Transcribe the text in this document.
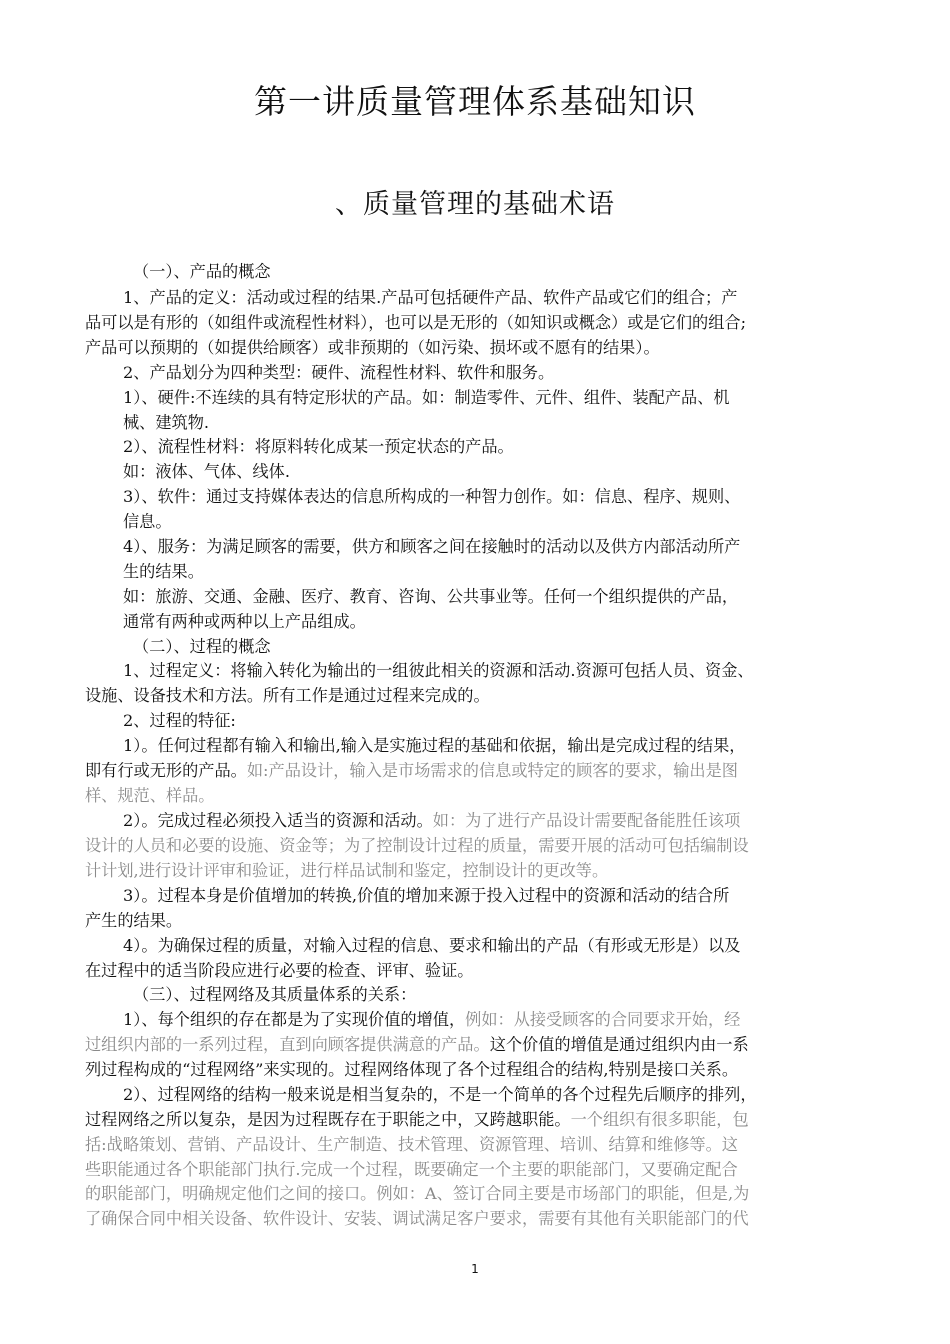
第一讲质量管理体系基础知识
、质量管理的基础术语
（一）、产品的概念
1、产品的定义：活动或过程的结果.产品可包括硬件产品、软件产品或它们的组合；产
品可以是有形的（如组件或流程性材料），也可以是无形的（如知识或概念）或是它们的组合;
产品可以预期的（如提供给顾客）或非预期的（如污染、损坏或不愿有的结果）。
2、产品划分为四种类型：硬件、流程性材料、软件和服务。
1）、硬件:不连续的具有特定形状的产品。如：制造零件、元件、组件、装配产品、机
械、建筑物.
2）、流程性材料：将原料转化成某一预定状态的产品。
如：液体、气体、线体.
3）、软件：通过支持媒体表达的信息所构成的一种智力创作。如：信息、程序、规则、
信息。
4）、服务：为满足顾客的需要，供方和顾客之间在接触时的活动以及供方内部活动所产
生的结果。
如：旅游、交通、金融、医疗、教育、咨询、公共事业等。任何一个组织提供的产品，
通常有两种或两种以上产品组成。
（二）、过程的概念
1、过程定义：将输入转化为输出的一组彼此相关的资源和活动.资源可包括人员、资金、
设施、设备技术和方法。所有工作是通过过程来完成的。
2、过程的特征:
1）。任何过程都有输入和输出,输入是实施过程的基础和依据，输出是完成过程的结果，
即有行或无形的产品。如:产品设计，输入是市场需求的信息或特定的顾客的要求，输出是图
样、规范、样品。
2）。完成过程必须投入适当的资源和活动。如：为了进行产品设计需要配备能胜任该项
设计的人员和必要的设施、资金等；为了控制设计过程的质量，需要开展的活动可包括编制设
计计划,进行设计评审和验证，进行样品试制和鉴定，控制设计的更改等。
3）。过程本身是价值增加的转换,价值的增加来源于投入过程中的资源和活动的结合所
产生的结果。
4）。为确保过程的质量，对输入过程的信息、要求和输出的产品（有形或无形是）以及
在过程中的适当阶段应进行必要的检查、评审、验证。
（三）、过程网络及其质量体系的关系：
1）、每个组织的存在都是为了实现价值的增值，例如：从接受顾客的合同要求开始，经
过组织内部的一系列过程，直到向顾客提供满意的产品。这个价值的增值是通过组织内由一系
列过程构成的“过程网络”来实现的。过程网络体现了各个过程组合的结构,特别是接口关系。
2）、过程网络的结构一般来说是相当复杂的，不是一个简单的各个过程先后顺序的排列，
过程网络之所以复杂，是因为过程既存在于职能之中，又跨越职能。一个组织有很多职能，包
括:战略策划、营销、产品设计、生产制造、技术管理、资源管理、培训、结算和维修等。这
些职能通过各个职能部门执行.完成一个过程，既要确定一个主要的职能部门，又要确定配合
的职能部门，明确规定他们之间的接口。例如：A、签订合同主要是市场部门的职能，但是,为
了确保合同中相关设备、软件设计、安装、调试满足客户要求，需要有其他有关职能部门的代
1
